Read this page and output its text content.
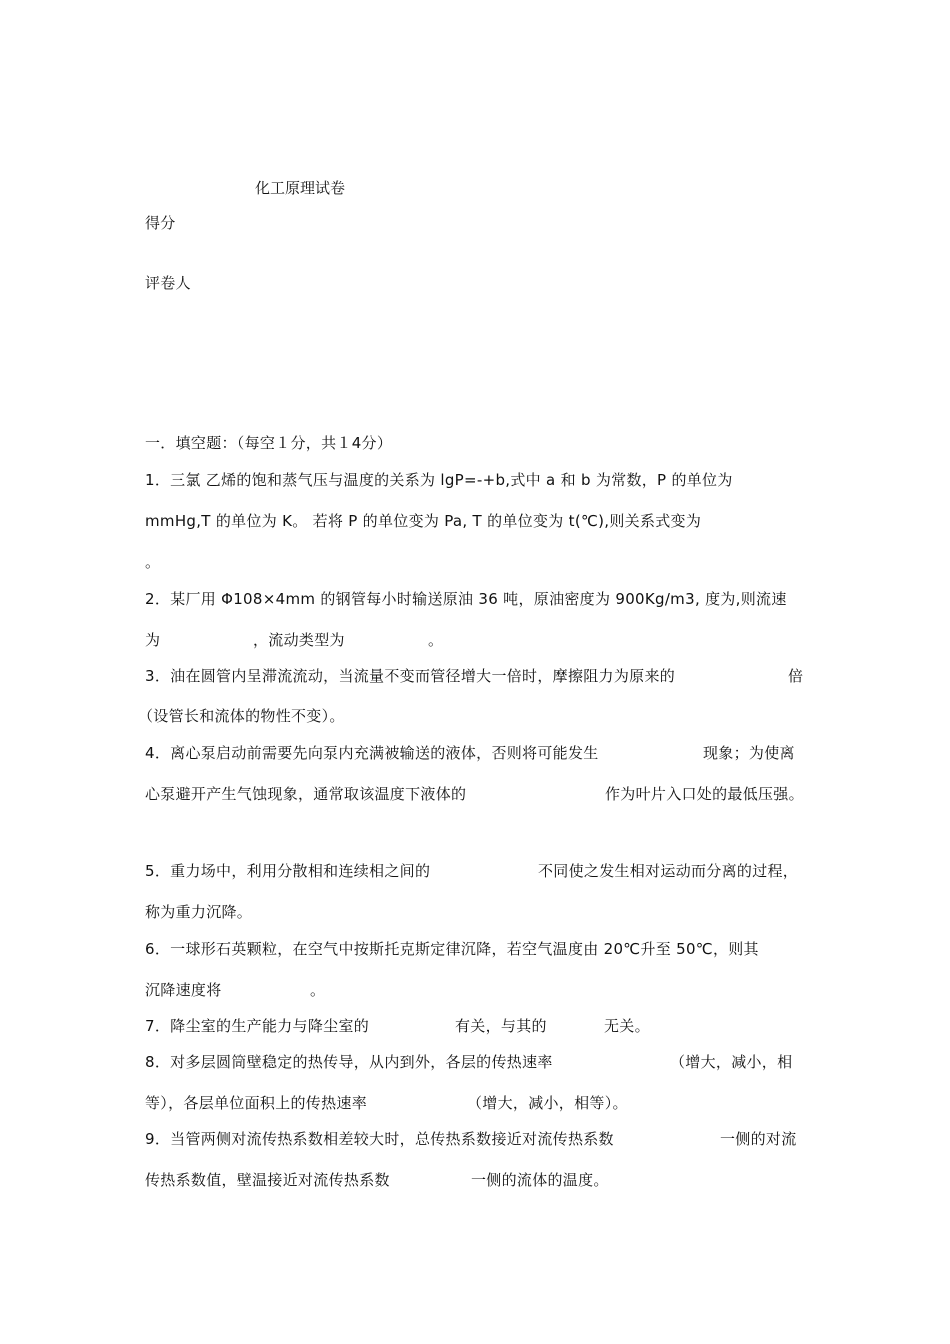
化工原理试卷
得分
评卷人
一．填空题：（每空１分，共１4分）
1．三氯 乙烯的饱和蒸气压与温度的关系为 lgP=-+b,式中 a 和 b 为常数，P 的单位为
mmHg,T 的单位为 K。 若将 P 的单位变为 Pa, T 的单位变为 t(℃),则关系式变为
。
2．某厂用 Φ108×4mm 的钢管每小时输送原油 36 吨，原油密度为 900Kg/m3, 度为,则流速
为	，流动类型为	。
3．油在圆管内呈滞流流动，当流量不变而管径增大一倍时，摩擦阻力为原来的	倍
（设管长和流体的物性不变）。
4．离心泵启动前需要先向泵内充满被输送的液体，否则将可能发生	现象；为使离
心泵避开产生气蚀现象，通常取该温度下液体的	作为叶片入口处的最低压强。
5．重力场中，利用分散相和连续相之间的	不同使之发生相对运动而分离的过程，
称为重力沉降。
6．一球形石英颗粒，在空气中按斯托克斯定律沉降，若空气温度由 20℃升至 50℃，则其
沉降速度将	。
7．降尘室的生产能力与降尘室的	有关，与其的	无关。
8．对多层圆筒壁稳定的热传导，从内到外，各层的传热速率	（增大，减小，相
等），各层单位面积上的传热速率	（增大，减小，相等）。
9．当管两侧对流传热系数相差较大时，总传热系数接近对流传热系数	一侧的对流
传热系数值，壁温接近对流传热系数	一侧的流体的温度。
